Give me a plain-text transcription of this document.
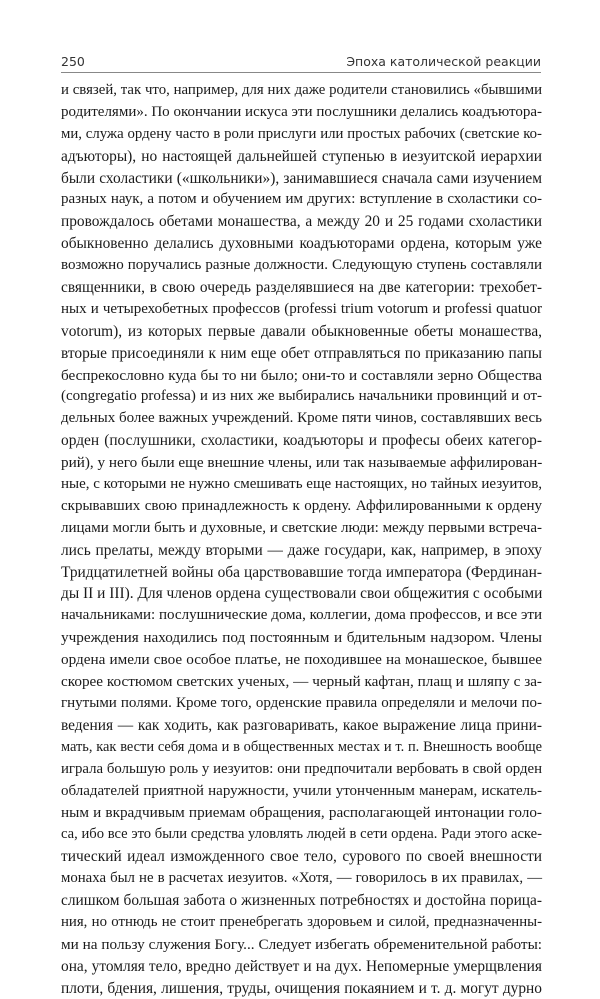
250	Эпоха католической реакции
и связей, так что, например, для них даже родители становились «бывшими
родителями». По окончании искуса эти послушники делались коадъютора-
ми, служа ордену часто в роли прислуги или простых рабочих (светские ко-
адъюторы), но настоящей дальнейшей ступенью в иезуитской иерархии
были схоластики («школьники»), занимавшиеся сначала сами изучением
разных наук, а потом и обучением им других: вступление в схоластики со-
провождалось обетами монашества, а между 20 и 25 годами схоластики
обыкновенно делались духовными коадъюторами ордена, которым уже
возможно поручались разные должности. Следующую ступень составляли
священники, в свою очередь разделявшиеся на две категории: трехобет-
ных и четырехобетных профессов (professi trium votorum и professi quatuor
votorum), из которых первые давали обыкновенные обеты монашества,
вторые присоединяли к ним еще обет отправляться по приказанию папы
беспрекословно куда бы то ни было; они-то и составляли зерно Общества
(congregatio professa) и из них же выбирались начальники провинций и от-
дельных более важных учреждений. Кроме пяти чинов, составлявших весь
орден (послушники, схоластики, коадъюторы и професы обеих категор-
рий), у него были еще внешние члены, или так называемые аффилирован-
ные, с которыми не нужно смешивать еще настоящих, но тайных иезуитов,
скрывавших свою принадлежность к ордену. Аффилированными к ордену
лицами могли быть и духовные, и светские люди: между первыми встреча-
лись прелаты, между вторыми — даже государи, как, например, в эпоху
Тридцатилетней войны оба царствовавшие тогда императора (Фердинан-
ды II и III). Для членов ордена существовали свои общежития с особыми
начальниками: послушнические дома, коллегии, дома профессов, и все эти
учреждения находились под постоянным и бдительным надзором. Члены
ордена имели свое особое платье, не походившее на монашеское, бывшее
скорее костюмом светских ученых, — черный кафтан, плащ и шляпу с за-
гнутыми полями. Кроме того, орденские правила определяли и мелочи по-
ведения — как ходить, как разговаривать, какое выражение лица прини-
мать, как вести себя дома и в общественных местах и т. п. Внешность вообще
играла большую роль у иезуитов: они предпочитали вербовать в свой орден
обладателей приятной наружности, учили утонченным манерам, искатель-
ным и вкрадчивым приемам обращения, располагающей интонации голо-
са, ибо все это были средства уловлять людей в сети ордена. Ради этого аске-
тический идеал изможденного свое тело, сурового по своей внешности
монаха был не в расчетах иезуитов. «Хотя, — говорилось в их правилах, —
слишком большая забота о жизненных потребностях и достойна порица-
ния, но отнюдь не стоит пренебрегать здоровьем и силой, предназначенны-
ми на пользу служения Богу... Следует избегать обременительной работы:
она, утомляя тело, вредно действует и на дух. Непомерные умерщвления
плоти, бдения, лишения, труды, очищения покаянием и т. д. могут дурно
